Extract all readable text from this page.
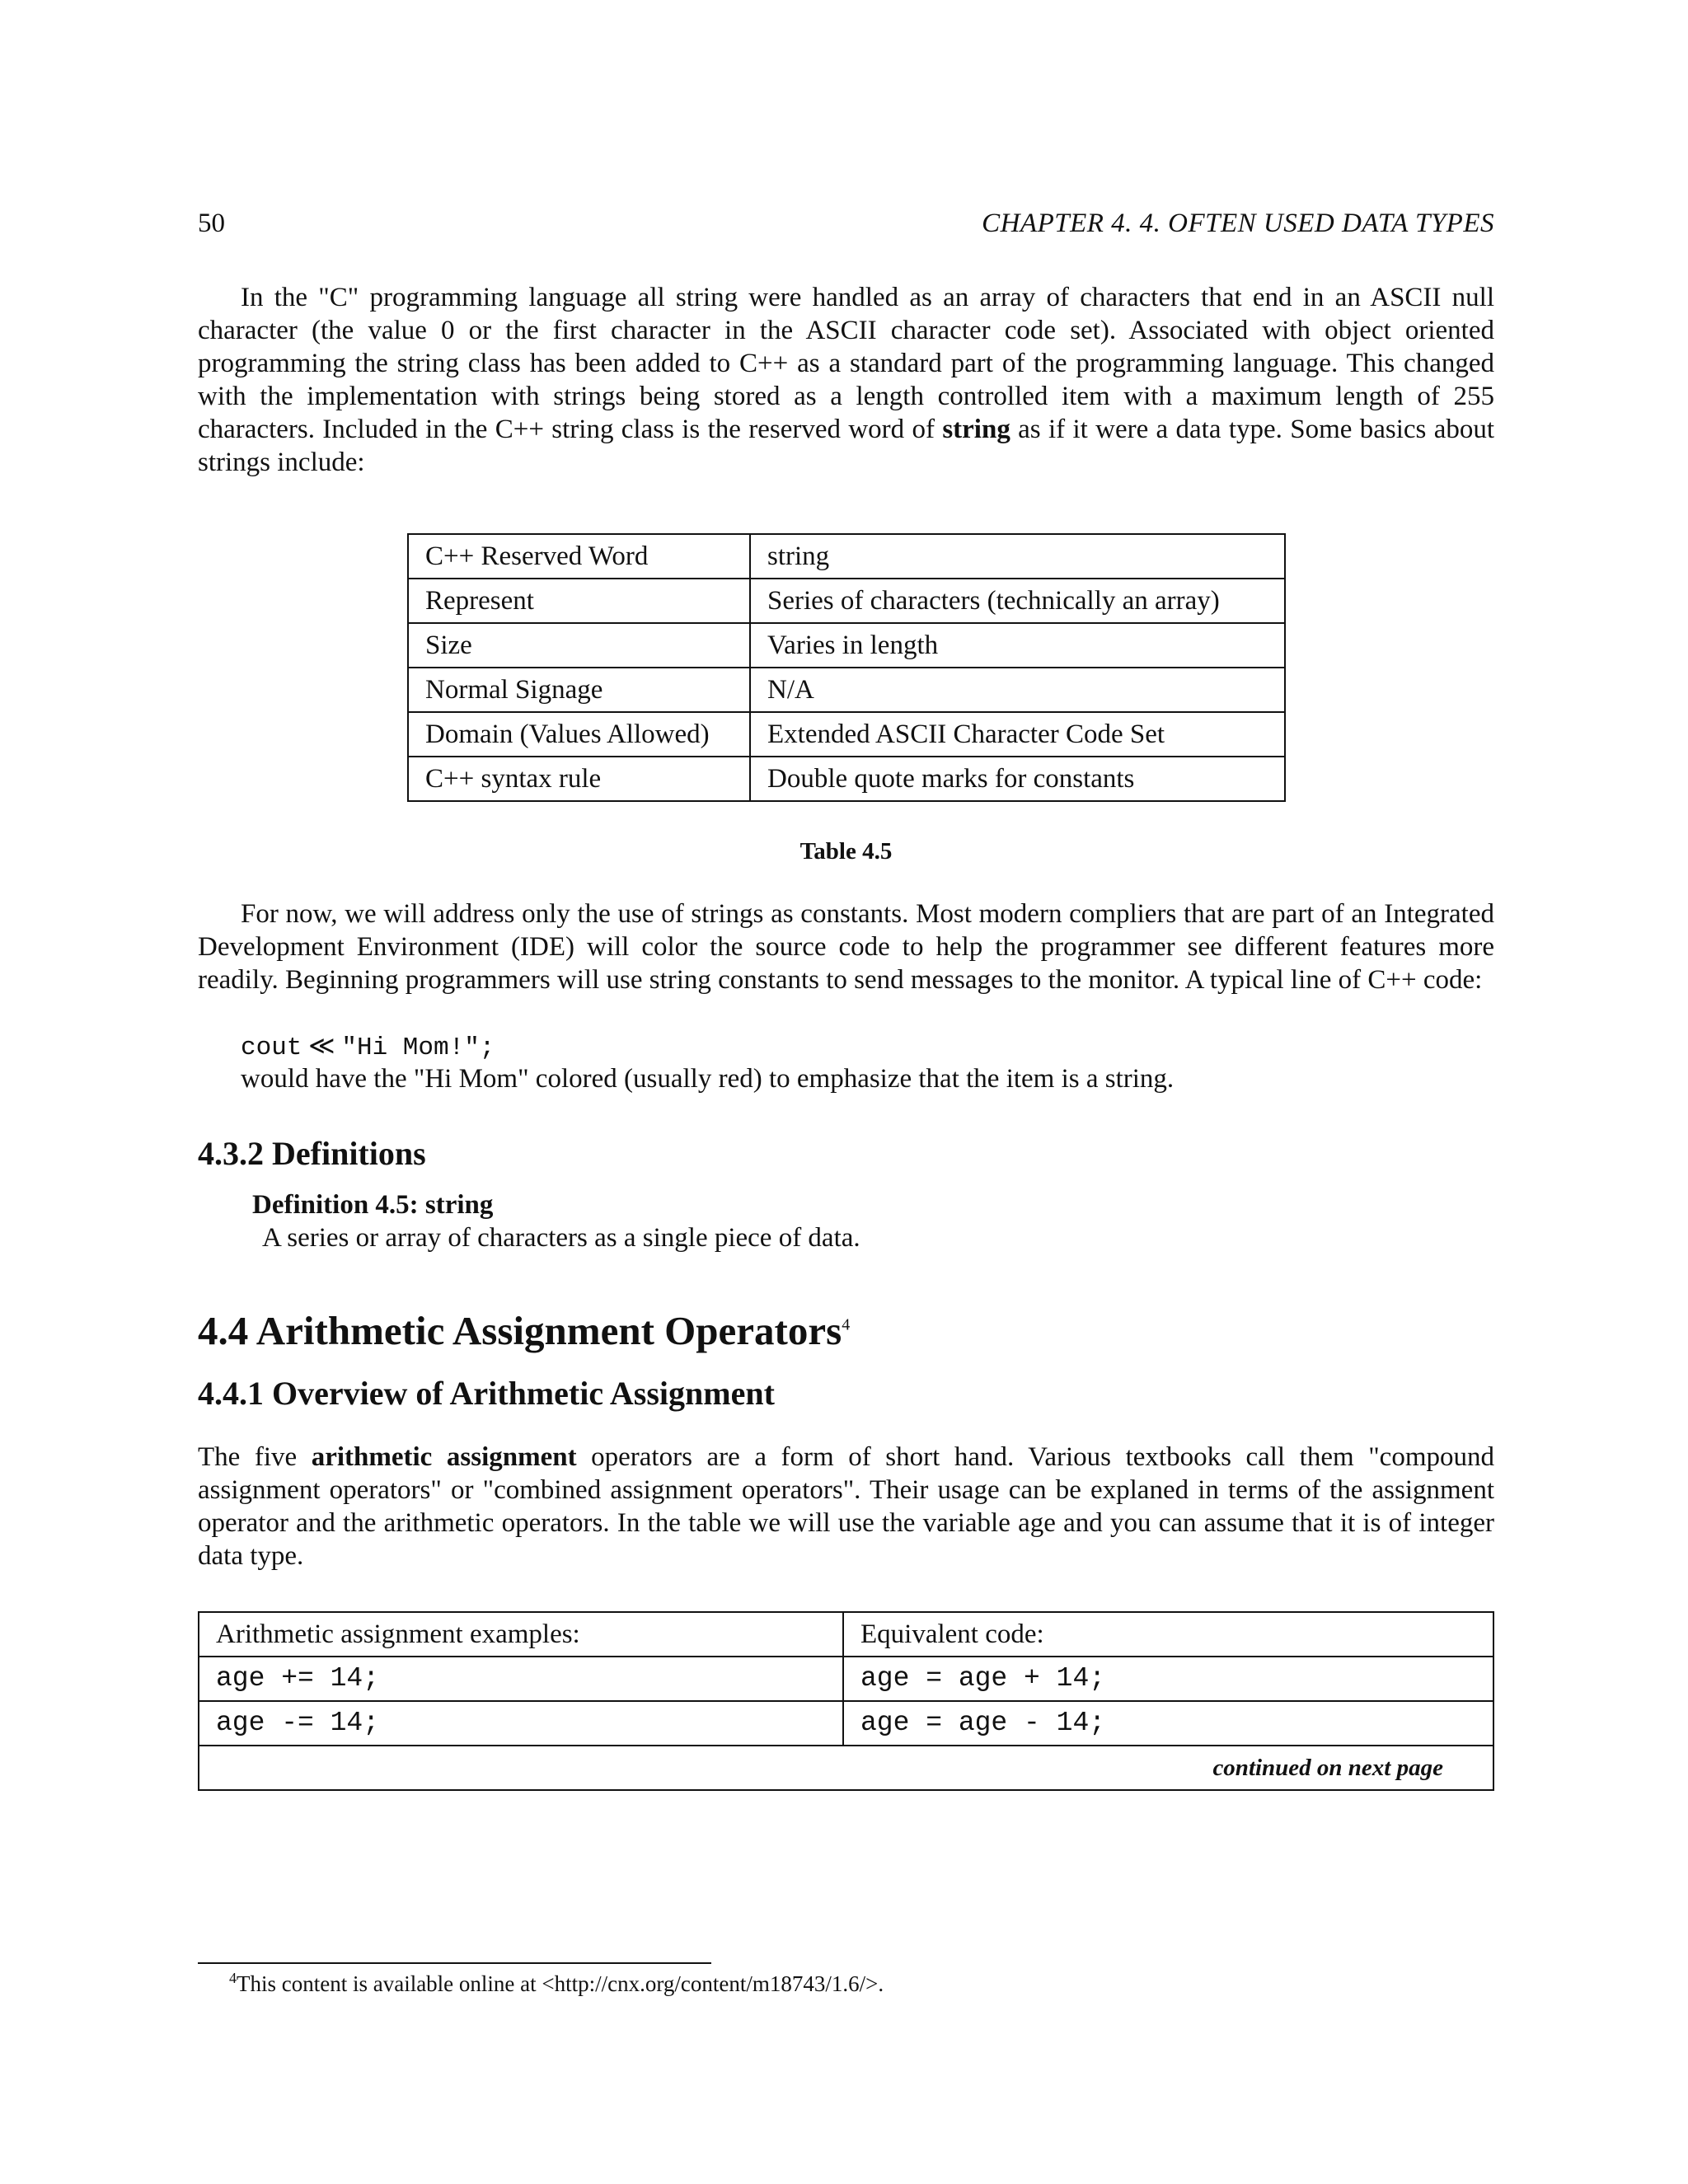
50	CHAPTER 4. 4. OFTEN USED DATA TYPES

In the "C" programming language all string were handled as an array of characters that end in an ASCII null character (the value 0 or the first character in the ASCII character code set). Associated with object oriented programming the string class has been added to C++ as a standard part of the programming language. This changed with the implementation with strings being stored as a length controlled item with a maximum length of 255 characters. Included in the C++ string class is the reserved word of string as if it were a data type. Some basics about strings include:

C++ Reserved Word	string
Represent	Series of characters (technically an array)
Size	Varies in length
Normal Signage	N/A
Domain (Values Allowed)	Extended ASCII Character Code Set
C++ syntax rule	Double quote marks for constants
Table 4.5

For now, we will address only the use of strings as constants. Most modern compliers that are part of an Integrated Development Environment (IDE) will color the source code to help the programmer see different features more readily. Beginning programmers will use string constants to send messages to the monitor. A typical line of C++ code:

cout ≪ "Hi Mom!";
would have the "Hi Mom" colored (usually red) to emphasize that the item is a string.
4.3.2 Definitions
Definition 4.5: string
A series or array of characters as a single piece of data.
4.4 Arithmetic Assignment Operators$^4$
4.4.1 Overview of Arithmetic Assignment

The five arithmetic assignment operators are a form of short hand. Various textbooks call them "compound assignment operators" or "combined assignment operators". Their usage can be explaned in terms of the assignment operator and the arithmetic operators. In the table we will use the variable age and you can assume that it is of integer data type.

Arithmetic assignment examples:	Equivalent code:
age += 14;	age = age + 14;
age -= 14;	age = age - 14;
continued on next page	
$^4$This content is available online at <http://cnx.org/content/m18743/1.6/>.
